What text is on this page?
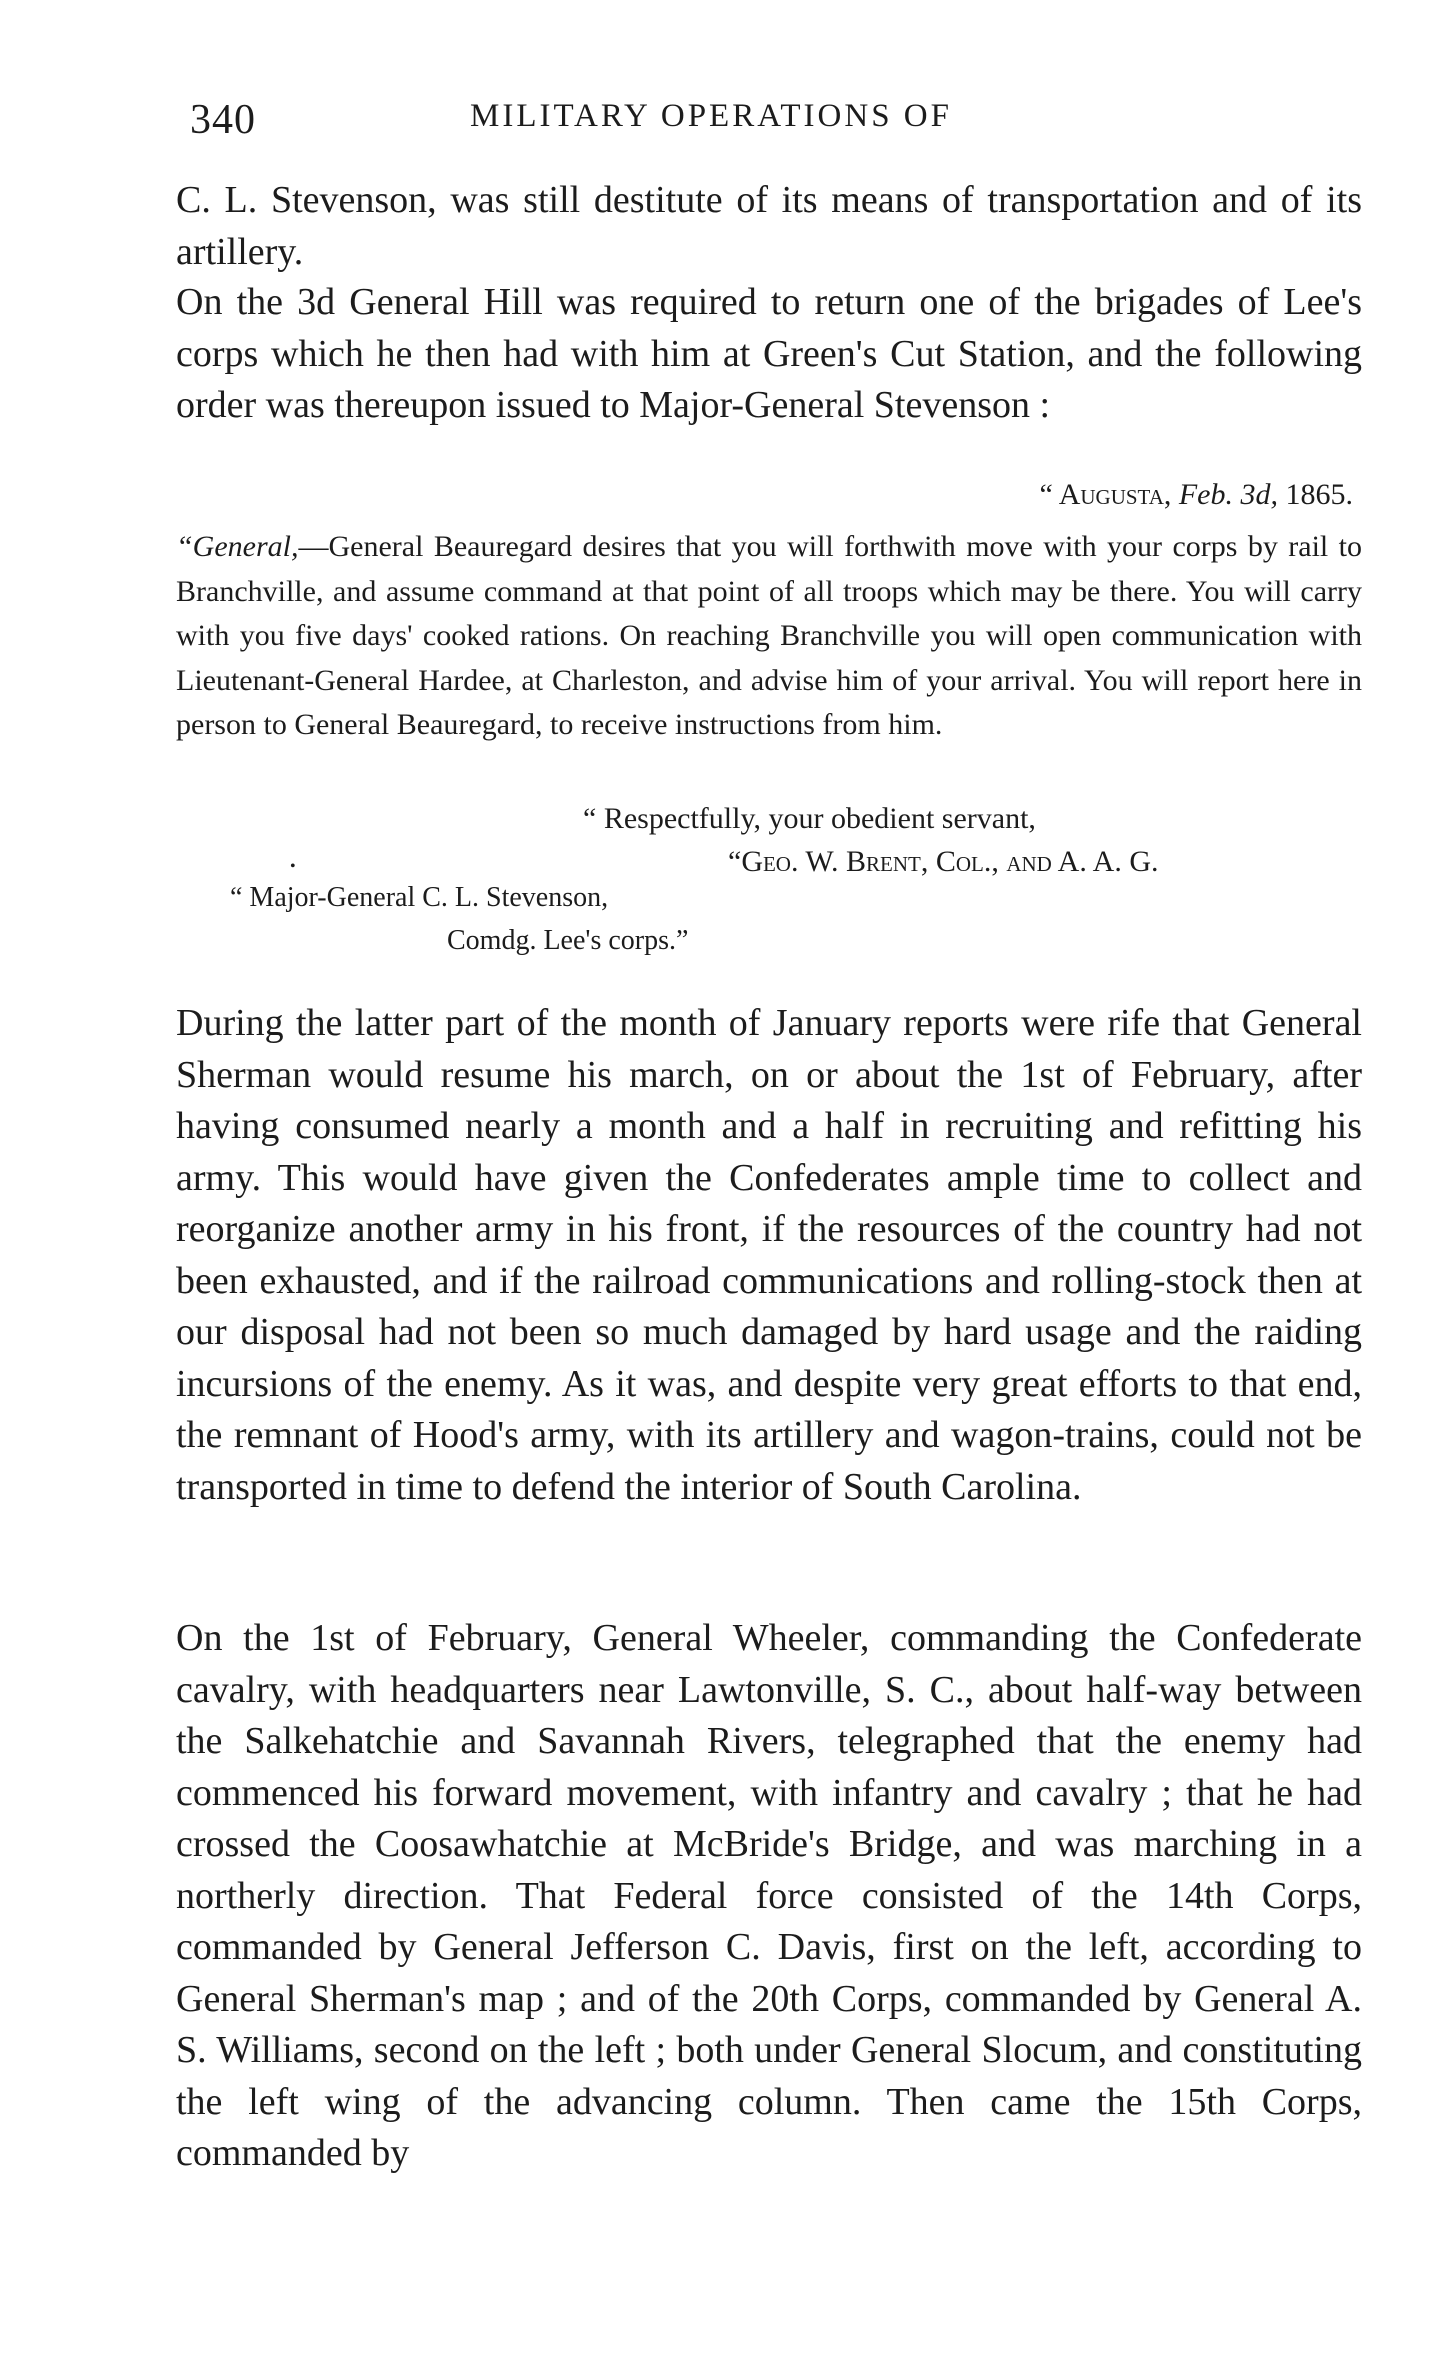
340	MILITARY OPERATIONS OF

C. L. Stevenson, was still destitute of its means of transportation and of its artillery.

On the 3d General Hill was required to return one of the brigades of Lee's corps which he then had with him at Green's Cut Station, and the following order was thereupon issued to Major-General Stevenson :

“ Augusta, Feb. 3d, 1865.

“General,—General Beauregard desires that you will forthwith move with your corps by rail to Branchville, and assume command at that point of all troops which may be there. You will carry with you five days' cooked rations. On reaching Branchville you will open communication with Lieutenant-General Hardee, at Charleston, and advise him of your arrival. You will report here in person to General Beauregard, to receive instructions from him.

“ Respectfully, your obedient servant,
•	“Geo. W. Brent, Col., and A. A. G.
“ Major-General C. L. Stevenson,
Comdg. Lee's corps.”

During the latter part of the month of January reports were rife that General Sherman would resume his march, on or about the 1st of February, after having consumed nearly a month and a half in recruiting and refitting his army. This would have given the Confederates ample time to collect and reorganize another army in his front, if the resources of the country had not been exhausted, and if the railroad communications and rolling-stock then at our disposal had not been so much damaged by hard usage and the raiding incursions of the enemy. As it was, and despite very great efforts to that end, the remnant of Hood's army, with its artillery and wagon-trains, could not be transported in time to defend the interior of South Carolina.

On the 1st of February, General Wheeler, commanding the Confederate cavalry, with headquarters near Lawtonville, S. C., about half-way between the Salkehatchie and Savannah Rivers, telegraphed that the enemy had commenced his forward movement, with infantry and cavalry ; that he had crossed the Coosawhatchie at McBride's Bridge, and was marching in a northerly direction. That Federal force consisted of the 14th Corps, commanded by General Jefferson C. Davis, first on the left, according to General Sherman's map ; and of the 20th Corps, commanded by General A. S. Williams, second on the left ; both under General Slocum, and constituting the left wing of the advancing column. Then came the 15th Corps, commanded by
